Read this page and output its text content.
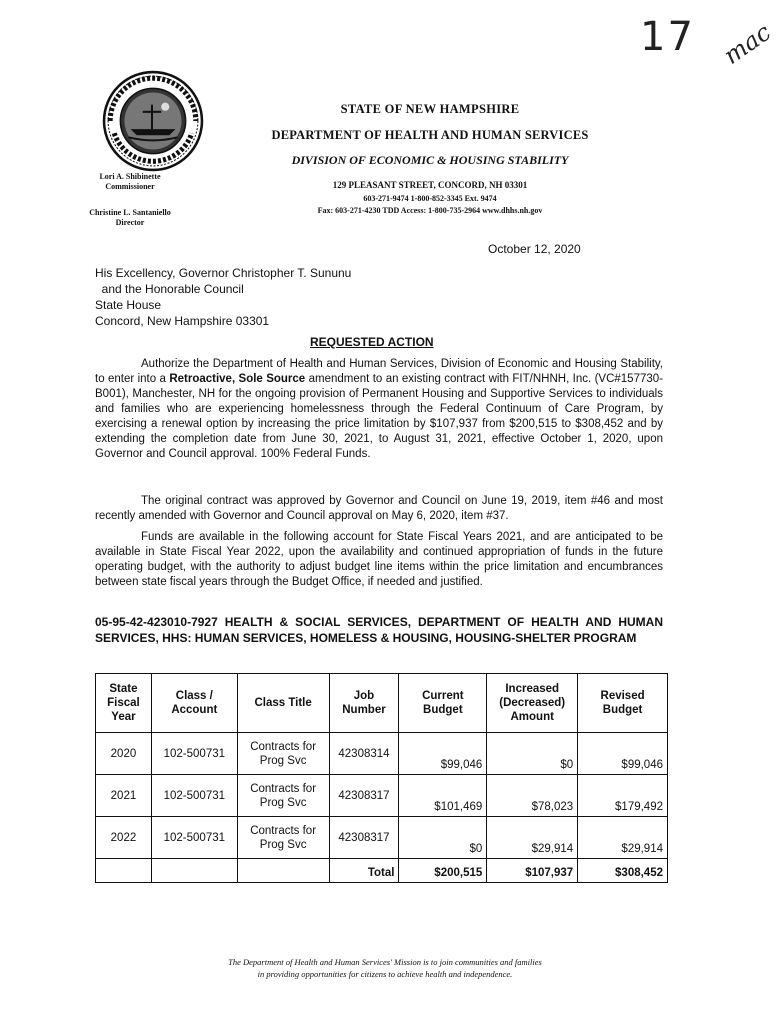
17 mac
STATE OF NEW HAMPSHIRE
DEPARTMENT OF HEALTH AND HUMAN SERVICES
DIVISION OF ECONOMIC & HOUSING STABILITY
129 PLEASANT STREET, CONCORD, NH 03301
603-271-9474 1-800-852-3345 Ext. 9474
Fax: 603-271-4230 TDD Access: 1-800-735-2964 www.dhhs.nh.gov
Lori A. Shibinette
Commissioner
Christine L. Santaniello
Director
October 12, 2020
His Excellency, Governor Christopher T. Sununu
and the Honorable Council
State House
Concord, New Hampshire 03301
REQUESTED ACTION
Authorize the Department of Health and Human Services, Division of Economic and Housing Stability, to enter into a Retroactive, Sole Source amendment to an existing contract with FIT/NHNH, Inc. (VC#157730-B001), Manchester, NH for the ongoing provision of Permanent Housing and Supportive Services to individuals and families who are experiencing homelessness through the Federal Continuum of Care Program, by exercising a renewal option by increasing the price limitation by $107,937 from $200,515 to $308,452 and by extending the completion date from June 30, 2021, to August 31, 2021, effective October 1, 2020, upon Governor and Council approval. 100% Federal Funds.
The original contract was approved by Governor and Council on June 19, 2019, item #46 and most recently amended with Governor and Council approval on May 6, 2020, item #37.
Funds are available in the following account for State Fiscal Years 2021, and are anticipated to be available in State Fiscal Year 2022, upon the availability and continued appropriation of funds in the future operating budget, with the authority to adjust budget line items within the price limitation and encumbrances between state fiscal years through the Budget Office, if needed and justified.
05-95-42-423010-7927 HEALTH & SOCIAL SERVICES, DEPARTMENT OF HEALTH AND HUMAN SERVICES, HHS: HUMAN SERVICES, HOMELESS & HOUSING, HOUSING-SHELTER PROGRAM
State Fiscal Year	Class / Account	Class Title	Job Number	Current Budget	Increased (Decreased) Amount	Revised Budget
2020	102-500731	Contracts for Prog Svc	42308314	$99,046	$0	$99,046
2021	102-500731	Contracts for Prog Svc	42308317	$101,469	$78,023	$179,492
2022	102-500731	Contracts for Prog Svc	42308317	$0	$29,914	$29,914
			Total	$200,515	$107,937	$308,452
The Department of Health and Human Services' Mission is to join communities and families
in providing opportunities for citizens to achieve health and independence.
